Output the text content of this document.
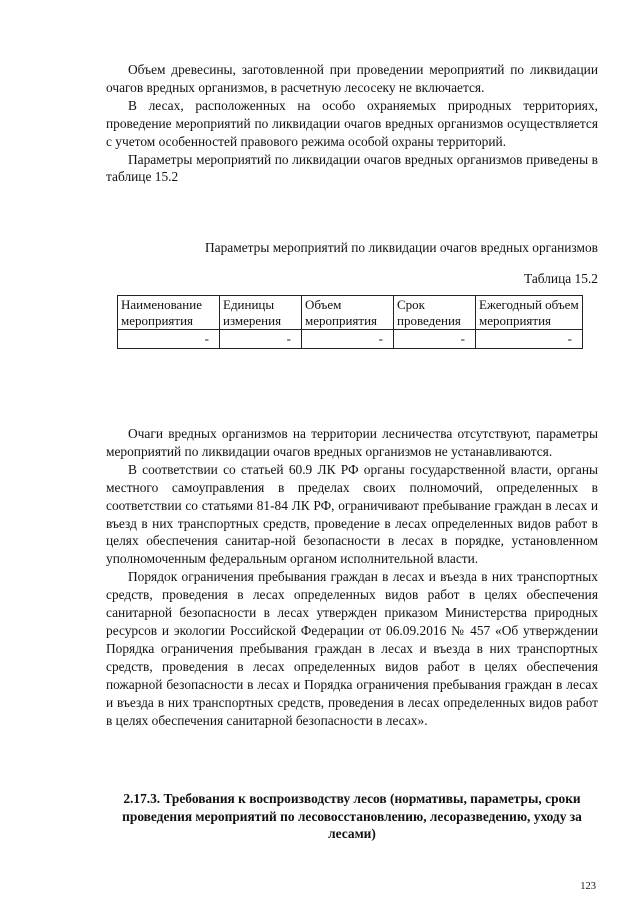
Объем древесины, заготовленной при проведении мероприятий по ликвидации очагов вредных организмов, в расчетную лесосеку не включается.

В лесах, расположенных на особо охраняемых природных территориях, проведение мероприятий по ликвидации очагов вредных организмов осуществляется с учетом особенностей правового режима особой охраны территорий.

Параметры мероприятий по ликвидации очагов вредных организмов приведены в таблице 15.2

Параметры мероприятий по ликвидации очагов вредных организмов
Таблица 15.2
Наименование мероприятия	Единицы измерения	Объем мероприятия	Срок проведения	Ежегодный объем мероприятия
-	-	-	-	-

Очаги вредных организмов на территории лесничества отсутствуют, параметры мероприятий по ликвидации очагов вредных организмов не устанавливаются.

В соответствии со статьей 60.9 ЛК РФ органы государственной власти, органы местного самоуправления в пределах своих полномочий, определенных в соответствии со статьями 81-84 ЛК РФ, ограничивают пребывание граждан в лесах и въезд в них транспортных средств, проведение в лесах определенных видов работ в целях обеспечения санитар-ной безопасности в лесах в порядке, установленном уполномоченным федеральным органом исполнительной власти.

Порядок ограничения пребывания граждан в лесах и въезда в них транспортных средств, проведения в лесах определенных видов работ в целях обеспечения санитарной безопасности в лесах утвержден приказом Министерства природных ресурсов и экологии Российской Федерации от 06.09.2016 № 457 «Об утверждении Порядка ограничения пребывания граждан в лесах и въезда в них транспортных средств, проведения в лесах определенных видов работ в целях обеспечения пожарной безопасности в лесах и Порядка ограничения пребывания граждан в лесах и въезда в них транспортных средств, проведения в лесах определенных видов работ в целях обеспечения санитарной безопасности в лесах».

2.17.3. Требования к воспроизводству лесов (нормативы, параметры, сроки проведения мероприятий по лесовосстановлению, лесоразведению, уходу за лесами)
123
